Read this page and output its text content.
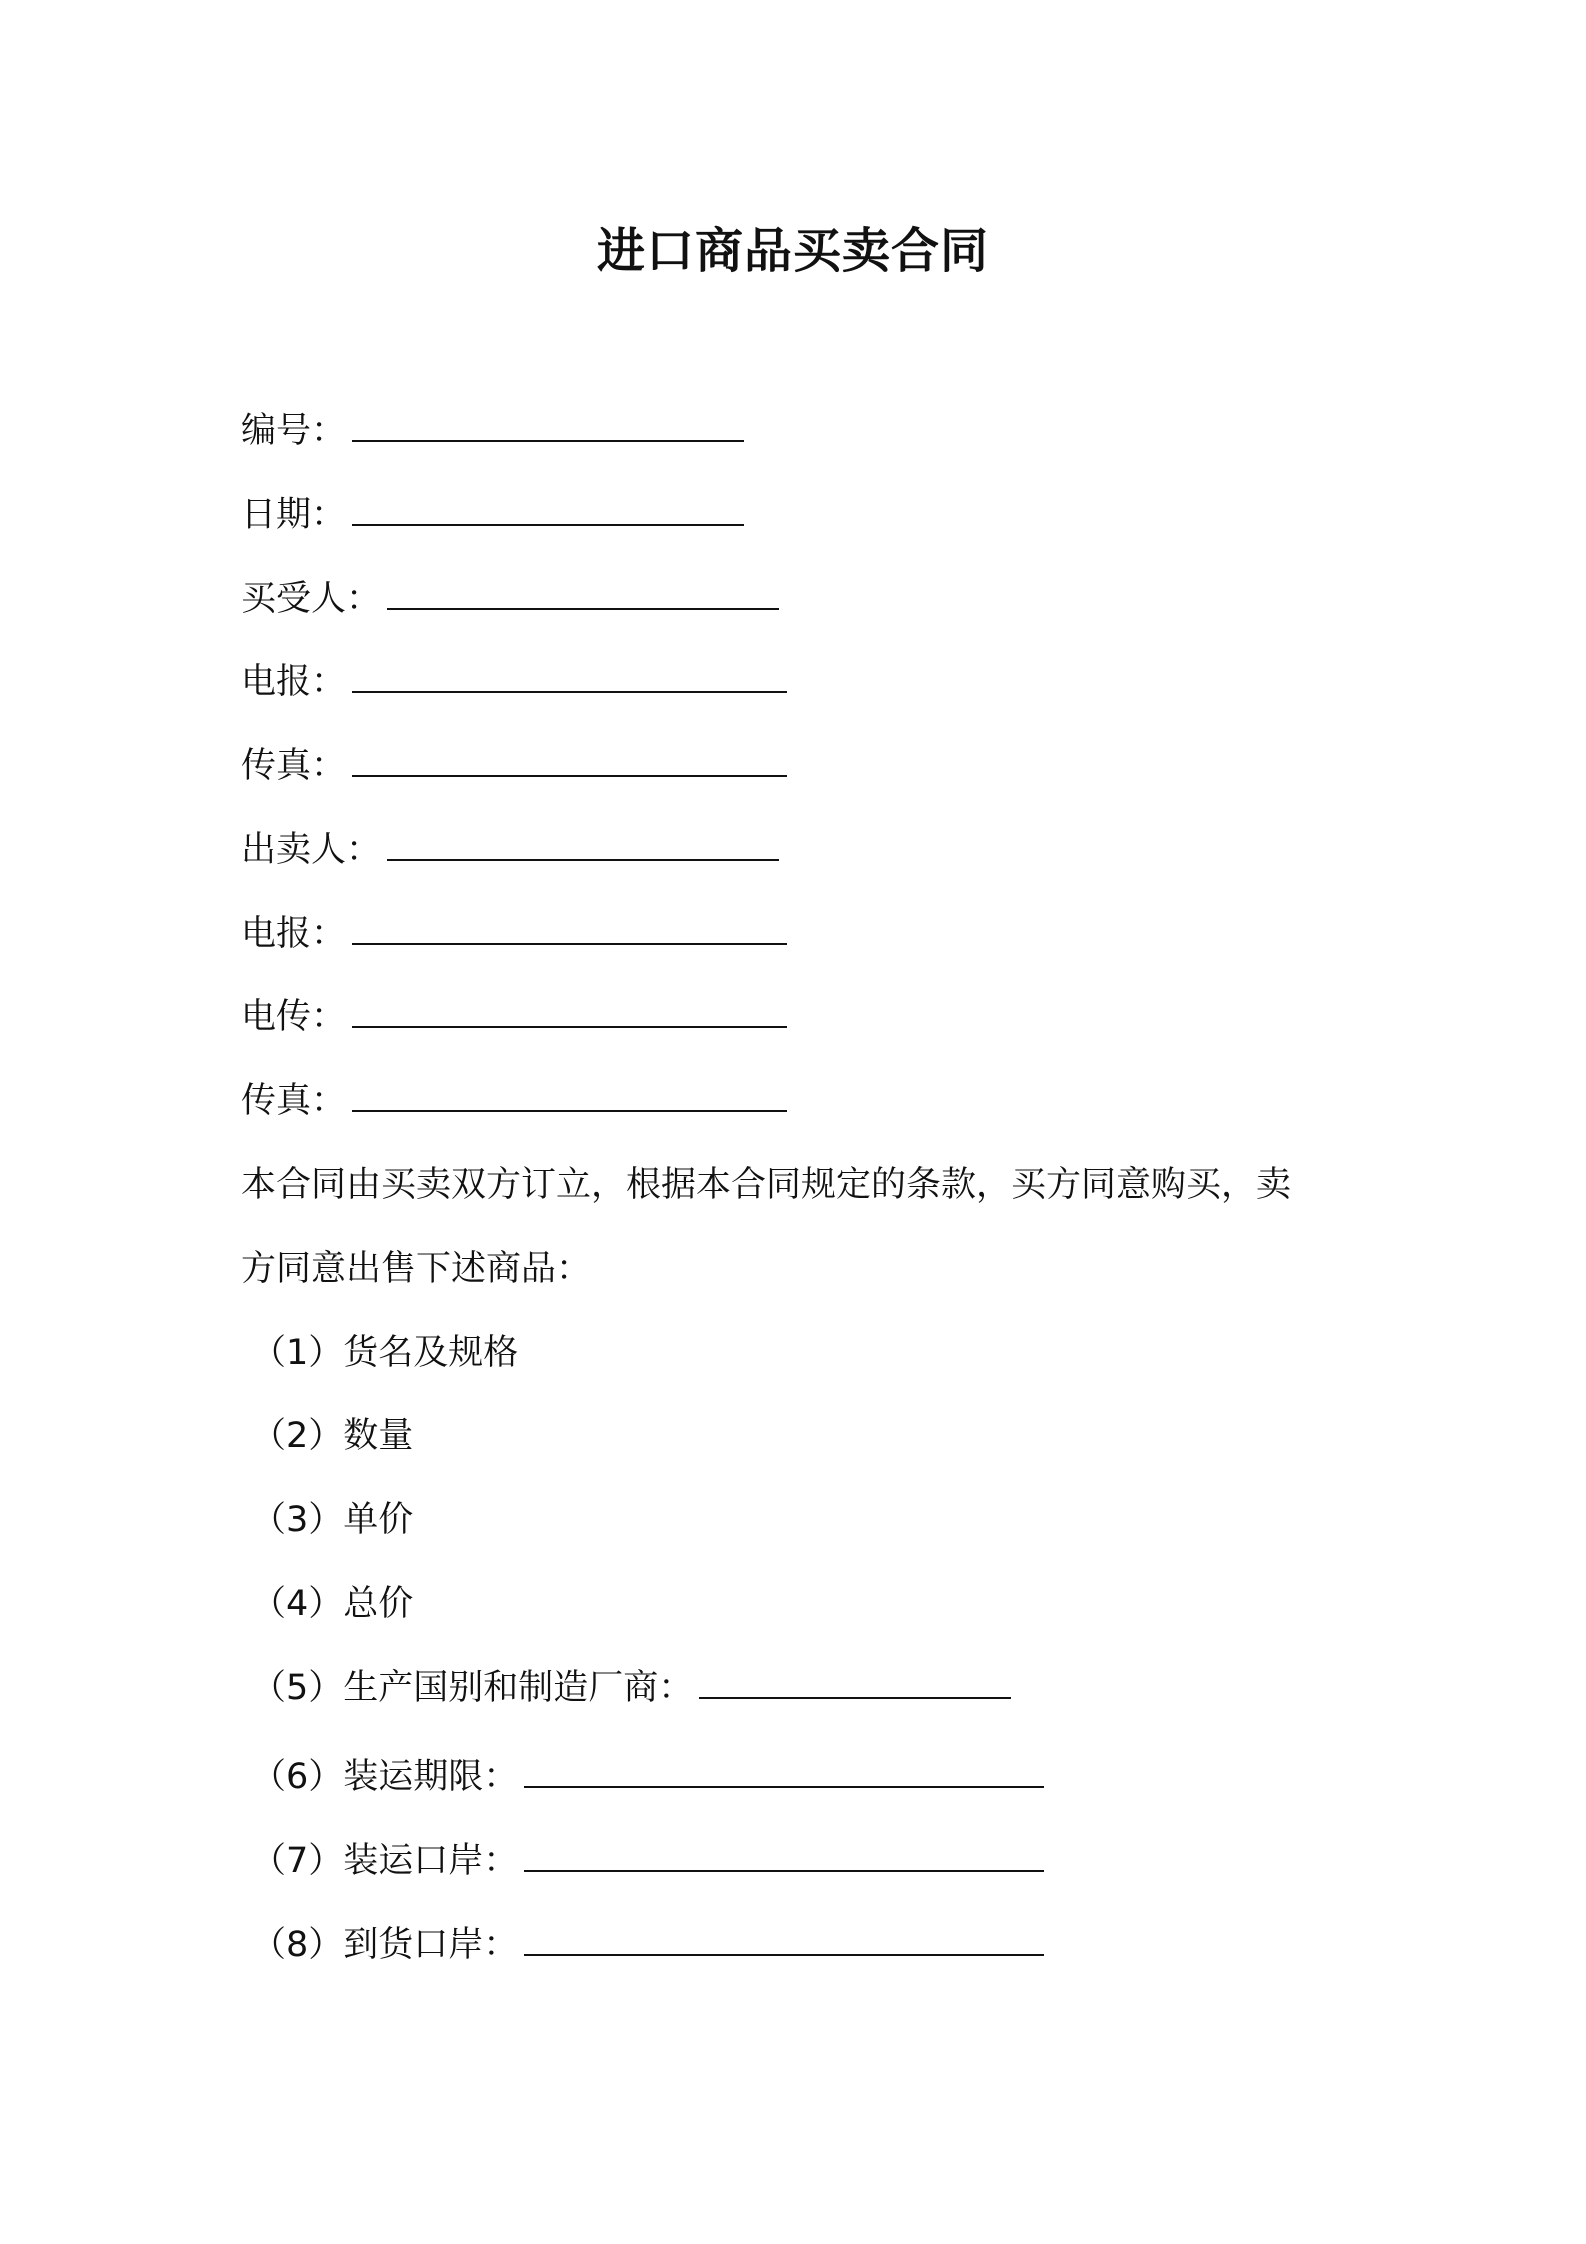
进口商品买卖合同
编号：
日期：
买受人：
电报：
传真：
出卖人：
电报：
电传：
传真：
本合同由买卖双方订立，根据本合同规定的条款，买方同意购买，卖
方同意出售下述商品：
（1）货名及规格
（2）数量
（3）单价
（4）总价
（5）生产国别和制造厂商：
（6）装运期限：
（7）装运口岸：
（8）到货口岸：
